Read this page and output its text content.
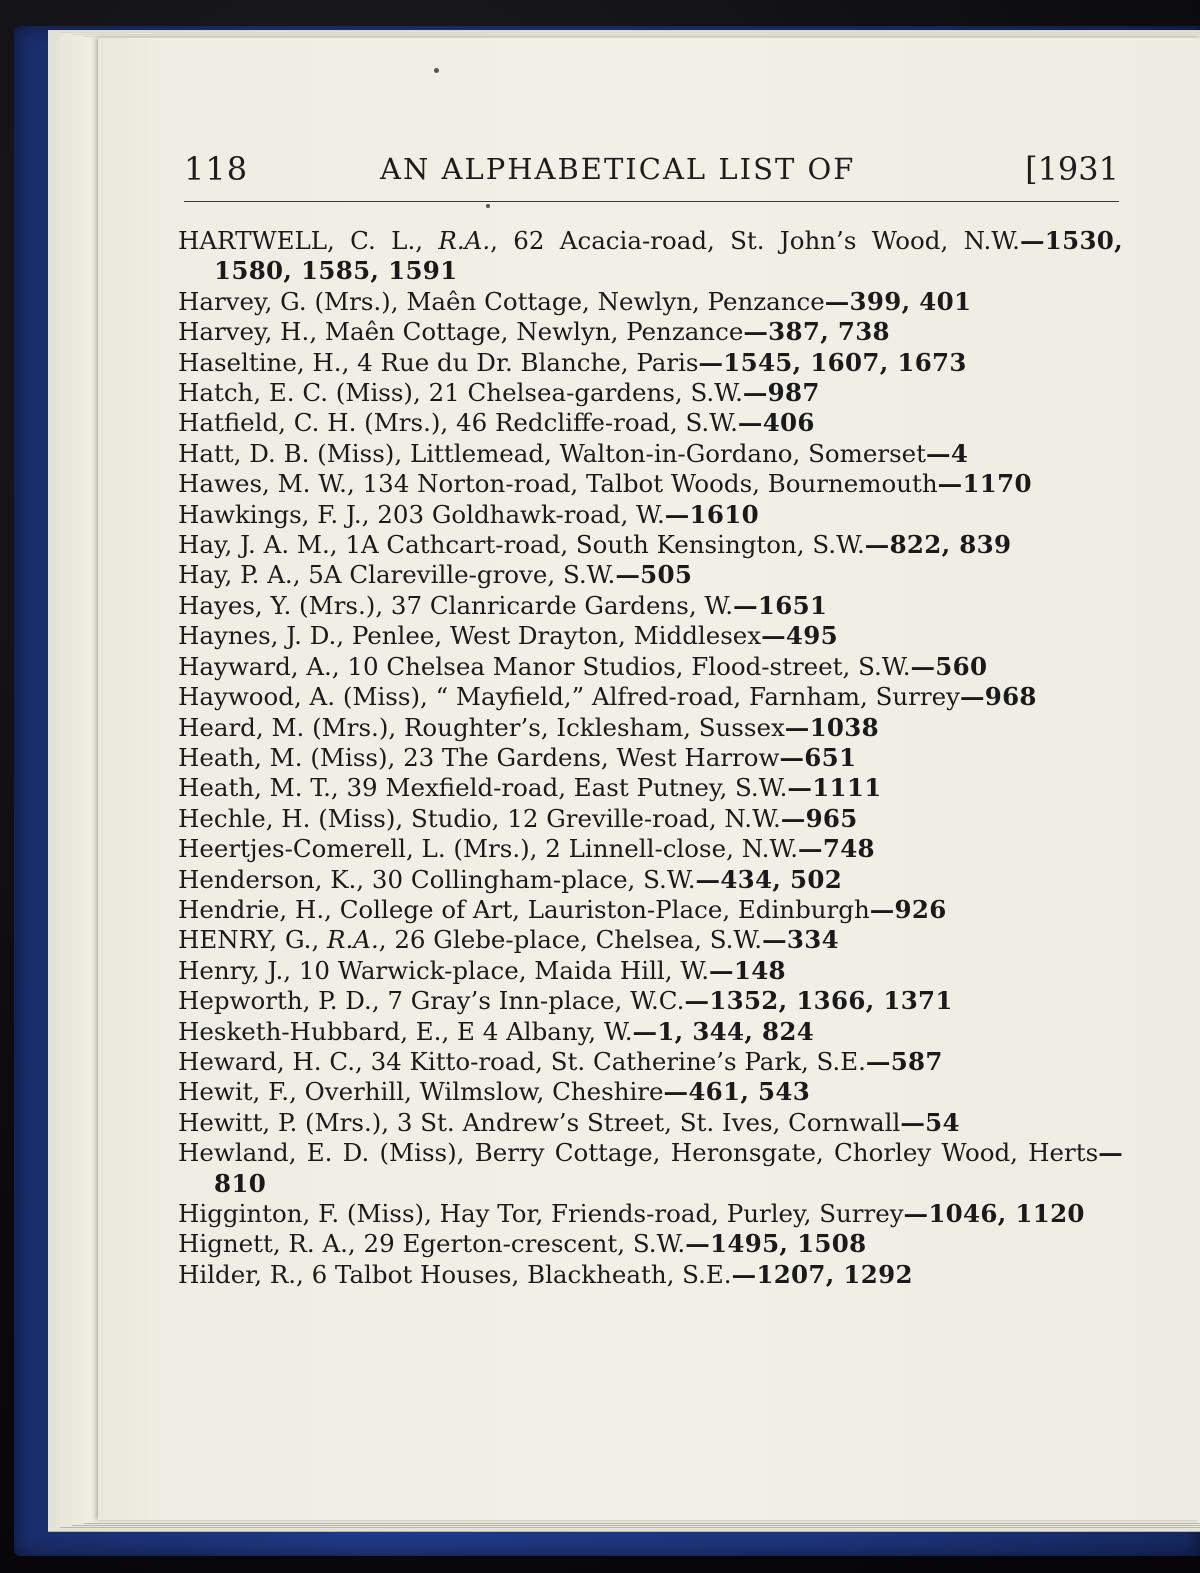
118	AN ALPHABETICAL LIST OF	[1931
HARTWELL, C. L., R.A., 62 Acacia-road, St. John’s Wood, N.W.—1530, 1580, 1585, 1591
Harvey, G. (Mrs.), Maên Cottage, Newlyn, Penzance—399, 401
Harvey, H., Maên Cottage, Newlyn, Penzance—387, 738
Haseltine, H., 4 Rue du Dr. Blanche, Paris—1545, 1607, 1673
Hatch, E. C. (Miss), 21 Chelsea-gardens, S.W.—987
Hatfield, C. H. (Mrs.), 46 Redcliffe-road, S.W.—406
Hatt, D. B. (Miss), Littlemead, Walton-in-Gordano, Somerset—4
Hawes, M. W., 134 Norton-road, Talbot Woods, Bournemouth—1170
Hawkings, F. J., 203 Goldhawk-road, W.—1610
Hay, J. A. M., 1A Cathcart-road, South Kensington, S.W.—822, 839
Hay, P. A., 5A Clareville-grove, S.W.—505
Hayes, Y. (Mrs.), 37 Clanricarde Gardens, W.—1651
Haynes, J. D., Penlee, West Drayton, Middlesex—495
Hayward, A., 10 Chelsea Manor Studios, Flood-street, S.W.—560
Haywood, A. (Miss), “ Mayfield,” Alfred-road, Farnham, Surrey—968
Heard, M. (Mrs.), Roughter’s, Icklesham, Sussex—1038
Heath, M. (Miss), 23 The Gardens, West Harrow—651
Heath, M. T., 39 Mexfield-road, East Putney, S.W.—1111
Hechle, H. (Miss), Studio, 12 Greville-road, N.W.—965
Heertjes-Comerell, L. (Mrs.), 2 Linnell-close, N.W.—748
Henderson, K., 30 Collingham-place, S.W.—434, 502
Hendrie, H., College of Art, Lauriston-Place, Edinburgh—926
HENRY, G., R.A., 26 Glebe-place, Chelsea, S.W.—334
Henry, J., 10 Warwick-place, Maida Hill, W.—148
Hepworth, P. D., 7 Gray’s Inn-place, W.C.—1352, 1366, 1371
Hesketh-Hubbard, E., E 4 Albany, W.—1, 344, 824
Heward, H. C., 34 Kitto-road, St. Catherine’s Park, S.E.—587
Hewit, F., Overhill, Wilmslow, Cheshire—461, 543
Hewitt, P. (Mrs.), 3 St. Andrew’s Street, St. Ives, Cornwall—54
Hewland, E. D. (Miss), Berry Cottage, Heronsgate, Chorley Wood, Herts—810
Higginton, F. (Miss), Hay Tor, Friends-road, Purley, Surrey—1046, 1120
Hignett, R. A., 29 Egerton-crescent, S.W.—1495, 1508
Hilder, R., 6 Talbot Houses, Blackheath, S.E.—1207, 1292
